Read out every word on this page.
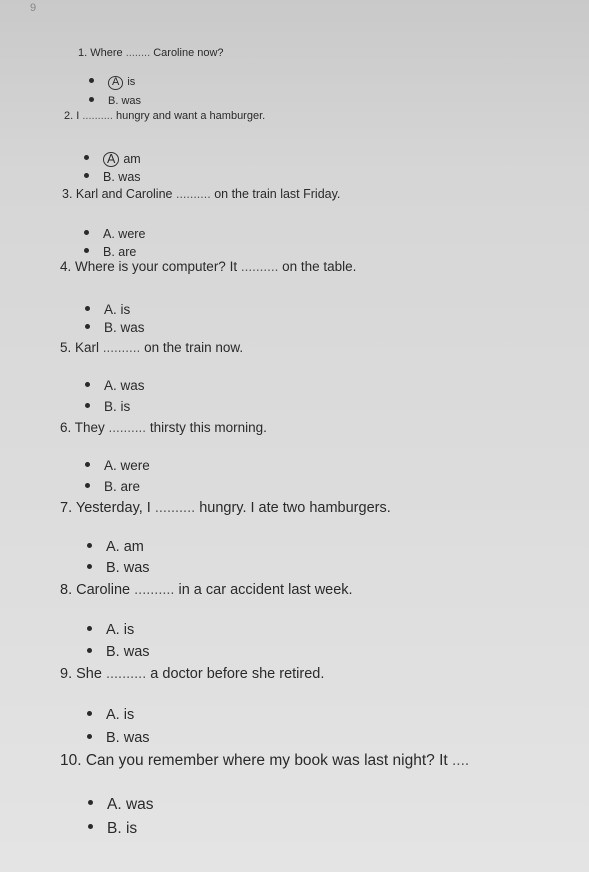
9
1. Where ........ Caroline now?
A is
B. was
2. I .......... hungry and want a hamburger.
A am
B. was
3. Karl and Caroline .......... on the train last Friday.
A. were
B. are
4. Where is your computer? It .......... on the table.
A. is
B. was
5. Karl .......... on the train now.
A. was
B. is
6. They .......... thirsty this morning.
A. were
B. are
7. Yesterday, I .......... hungry. I ate two hamburgers.
A. am
B. was
8. Caroline .......... in a car accident last week.
A. is
B. was
9. She .......... a doctor before she retired.
A. is
B. was
10. Can you remember where my book was last night? It ....
A. was
B. is
